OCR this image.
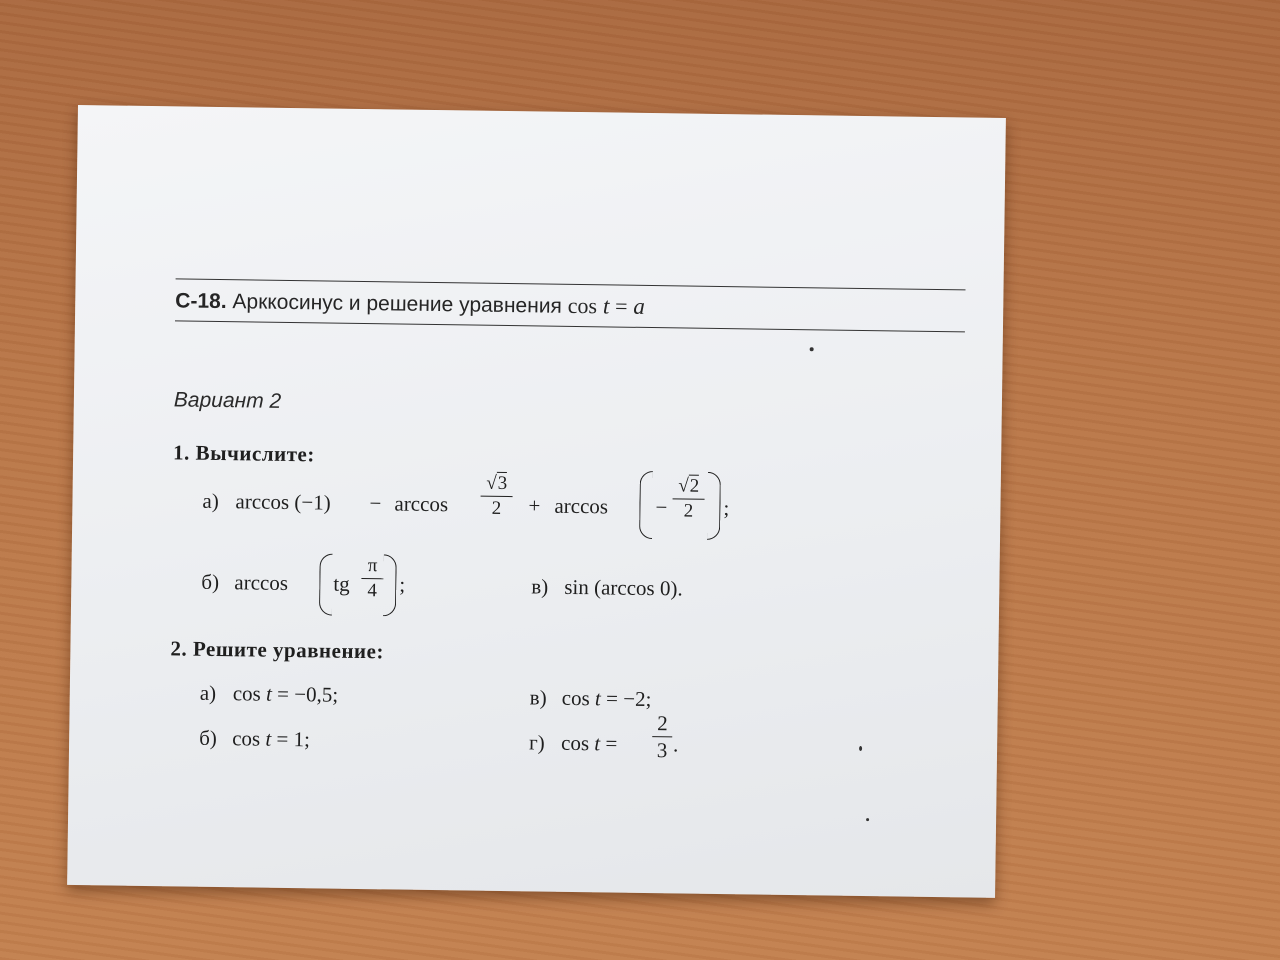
С-18. Арккосинус и решение уравнения cos t = a
Вариант 2
1. Вычислите:
а) arccos (−1) − arccos
√3
2	+ arccos −
√2
2	;
б) arccos tg
π
4 ;	в) sin (arccos 0).
2. Решите уравнение:
а) cos t = −0,5;
б) cos t = 1;
в) cos t = −2;
г) cos t =
2
3 .
